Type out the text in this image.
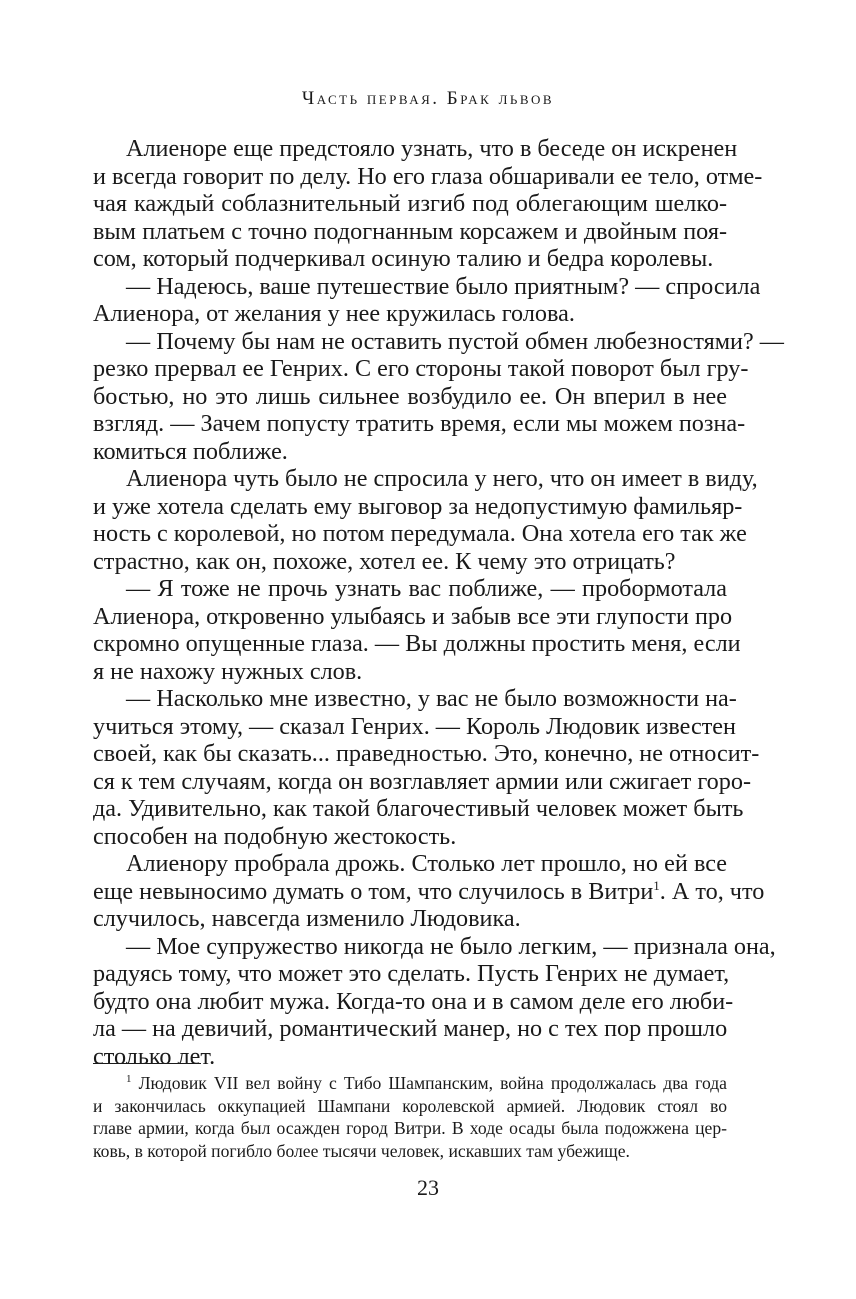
Часть первая. Брак львов
Алиеноре еще предстояло узнать, что в беседе он искренен
и всегда говорит по делу. Но его глаза обшаривали ее тело, отме-
чая каждый соблазнительный изгиб под облегающим шелко-
вым платьем с точно подогнанным корсажем и двойным поя-
сом, который подчеркивал осиную талию и бедра королевы.
— Надеюсь, ваше путешествие было приятным? — спросила
Алиенора, от желания у нее кружилась голова.
— Почему бы нам не оставить пустой обмен любезностями? —
резко прервал ее Генрих. С его стороны такой поворот был гру-
бостью, но это лишь сильнее возбудило ее. Он вперил в нее
взгляд. — Зачем попусту тратить время, если мы можем позна-
комиться поближе.
Алиенора чуть было не спросила у него, что он имеет в виду,
и уже хотела сделать ему выговор за недопустимую фамильяр-
ность с королевой, но потом передумала. Она хотела его так же
страстно, как он, похоже, хотел ее. К чему это отрицать?
— Я тоже не прочь узнать вас поближе, — пробормотала
Алиенора, откровенно улыбаясь и забыв все эти глупости про
скромно опущенные глаза. — Вы должны простить меня, если
я не нахожу нужных слов.
— Насколько мне известно, у вас не было возможности на-
учиться этому, — сказал Генрих. — Король Людовик известен
своей, как бы сказать... праведностью. Это, конечно, не относит-
ся к тем случаям, когда он возглавляет армии или сжигает горо-
да. Удивительно, как такой благочестивый человек может быть
способен на подобную жестокость.
Алиенору пробрала дрожь. Столько лет прошло, но ей все
еще невыносимо думать о том, что случилось в Витри$^1$. А то, что
случилось, навсегда изменило Людовика.
— Мое супружество никогда не было легким, — признала она,
радуясь тому, что может это сделать. Пусть Генрих не думает,
будто она любит мужа. Когда-то она и в самом деле его люби-
ла — на девичий, романтический манер, но с тех пор прошло
столько лет.
$^1$ Людовик VII вел войну с Тибо Шампанским, война продолжалась два года
и закончилась оккупацией Шампани королевской армией. Людовик стоял во
главе армии, когда был осажден город Витри. В ходе осады была подожжена цер-
ковь, в которой погибло более тысячи человек, искавших там убежище.
23
